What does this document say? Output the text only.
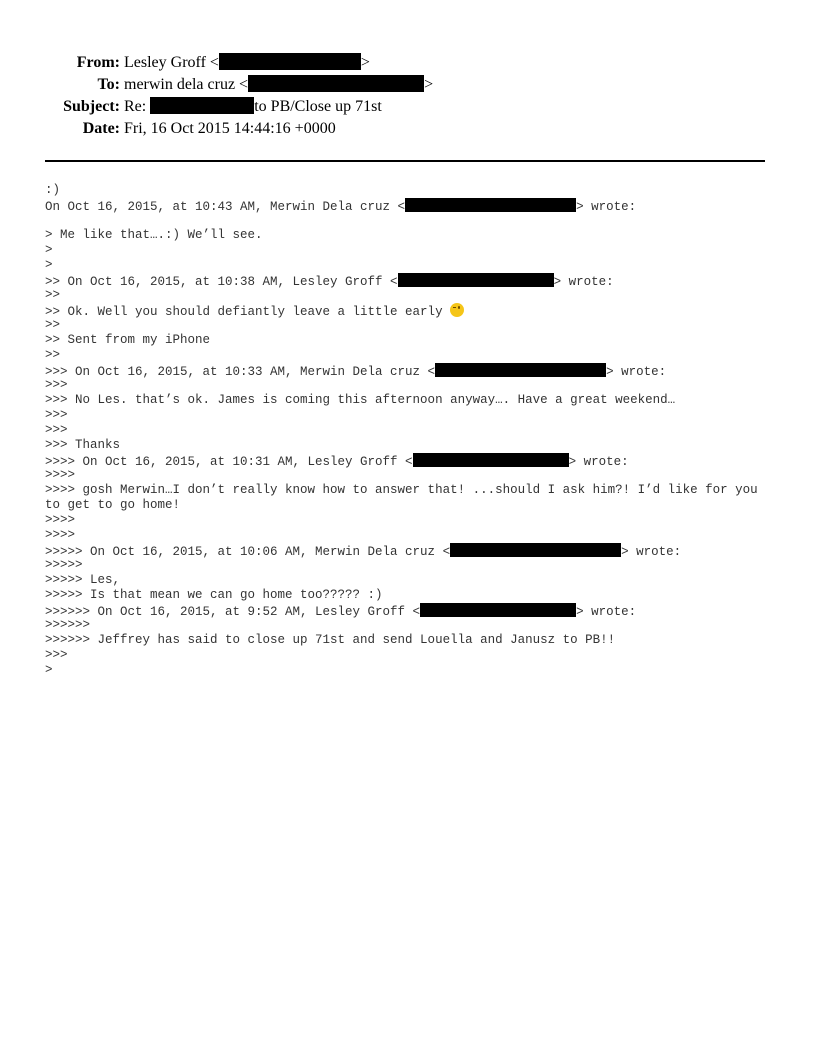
From: Lesley Groff <	>
To: merwin dela cruz <	>
Subject: Re:	to PB/Close up 71st
Date: Fri, 16 Oct 2015 14:44:16 +0000
:)
On Oct 16, 2015, at 10:43 AM, Merwin Dela cruz <	> wrote:
> Me like that….:) We’ll see.
>
>
>> On Oct 16, 2015, at 10:38 AM, Lesley Groff <	> wrote:
>>
>> Ok. Well you should defiantly leave a little early
>>
>> Sent from my iPhone
>>
>>> On Oct 16, 2015, at 10:33 AM, Merwin Dela cruz <	> wrote:
>>>
>>> No Les. that’s ok. James is coming this afternoon anyway…. Have a great weekend…
>>>
>>>
>>> Thanks
>>>> On Oct 16, 2015, at 10:31 AM, Lesley Groff <	> wrote:
>>>>
>>>> gosh Merwin…I don’t really know how to answer that! ...should I ask him?! I’d like for you to get to go home!
>>>>
>>>>
>>>>> On Oct 16, 2015, at 10:06 AM, Merwin Dela cruz <	> wrote:
>>>>>
>>>>> Les,
>>>>> Is that mean we can go home too????? :)
>>>>>> On Oct 16, 2015, at 9:52 AM, Lesley Groff <	> wrote:
>>>>>>
>>>>>> Jeffrey has said to close up 71st and send Louella and Janusz to PB!!
>>>
>
